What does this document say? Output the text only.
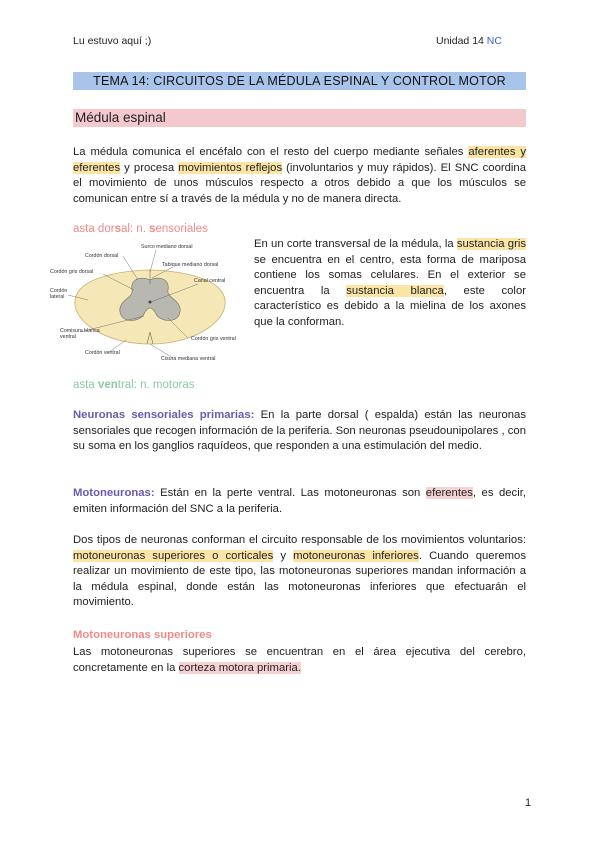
Lu estuvo aquí ;)	Unidad 14 NC
TEMA 14: CIRCUITOS DE LA MÉDULA ESPINAL Y CONTROL MOTOR
Médula espinal

La médula comunica el encéfalo con el resto del cuerpo mediante señales aferentes y eferentes y procesa movimientos reflejos (involuntarios y muy rápidos). El SNC coordina el movimiento de unos músculos respecto a otros debido a que los músculos se comunican entre sí a través de la médula y no de manera directa.

asta dorsal: n. sensoriales
Surco mediano dorsal
Cordón dorsal
Tabique mediano dorsal
Cordón gris dorsal
Canal central
Cordón lateral
Comisura blanca ventral	Cordón gris ventral
Cordón ventral
Cisura mediana ventral

En un corte transversal de la médula, la sustancia gris se encuentra en el centro, esta forma de mariposa contiene los somas celulares. En el exterior se encuentra la sustancia blanca, este color característico es debido a la mielina de los axones que la conforman.

asta ventral: n. motoras

Neuronas sensoriales primarias: En la parte dorsal ( espalda) están las neuronas sensoriales que recogen información de la periferia. Son neuronas pseudounipolares , con su soma en los ganglios raquídeos, que responden a una estimulación del medio.

Motoneuronas: Están en la perte ventral. Las motoneuronas son eferentes, es decir, emiten información del SNC a la periferia.

Dos tipos de neuronas conforman el circuito responsable de los movimientos voluntarios: motoneuronas superiores o corticales y motoneuronas inferiores. Cuando queremos realizar un movimiento de este tipo, las motoneuronas superiores mandan información a la médula espinal, donde están las motoneuronas inferiores que efectuarán el movimiento.

Motoneuronas superiores

Las motoneuronas superiores se encuentran en el área ejecutiva del cerebro, concretamente en la corteza motora primaria.

1
